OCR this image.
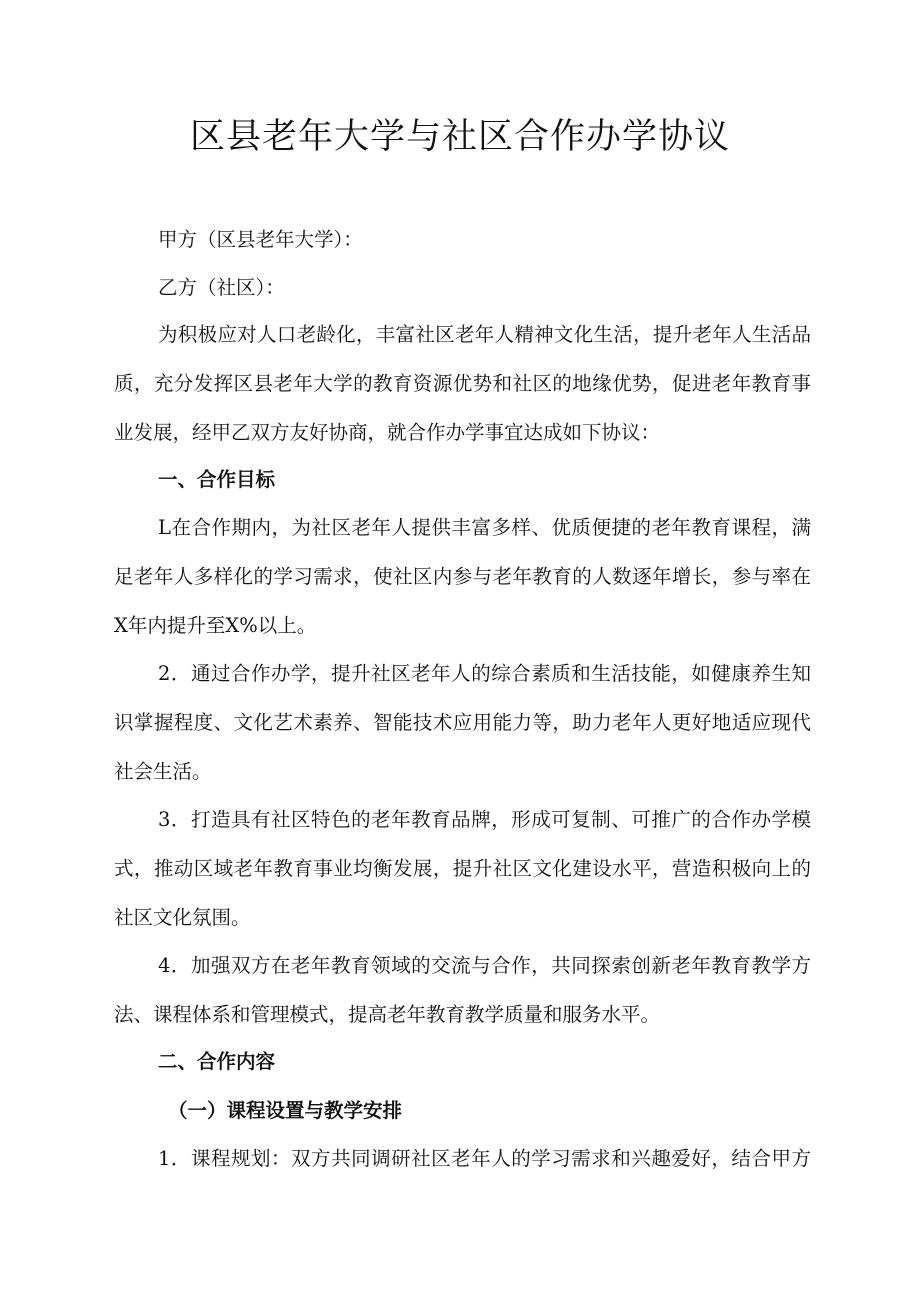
区县老年大学与社区合作办学协议
甲方（区县老年大学）：
乙方（社区）：
为积极应对人口老龄化，丰富社区老年人精神文化生活，提升老年人生活品
质，充分发挥区县老年大学的教育资源优势和社区的地缘优势，促进老年教育事
业发展，经甲乙双方友好协商，就合作办学事宜达成如下协议：
一、合作目标
L在合作期内，为社区老年人提供丰富多样、优质便捷的老年教育课程，满
足老年人多样化的学习需求，使社区内参与老年教育的人数逐年增长，参与率在
X年内提升至X%以上。
2．通过合作办学，提升社区老年人的综合素质和生活技能，如健康养生知
识掌握程度、文化艺术素养、智能技术应用能力等，助力老年人更好地适应现代
社会生活。
3．打造具有社区特色的老年教育品牌，形成可复制、可推广的合作办学模
式，推动区域老年教育事业均衡发展，提升社区文化建设水平，营造积极向上的
社区文化氛围。
4．加强双方在老年教育领域的交流与合作，共同探索创新老年教育教学方
法、课程体系和管理模式，提高老年教育教学质量和服务水平。
二、合作内容
（一）课程设置与教学安排
1．课程规划：双方共同调研社区老年人的学习需求和兴趣爱好，结合甲方
